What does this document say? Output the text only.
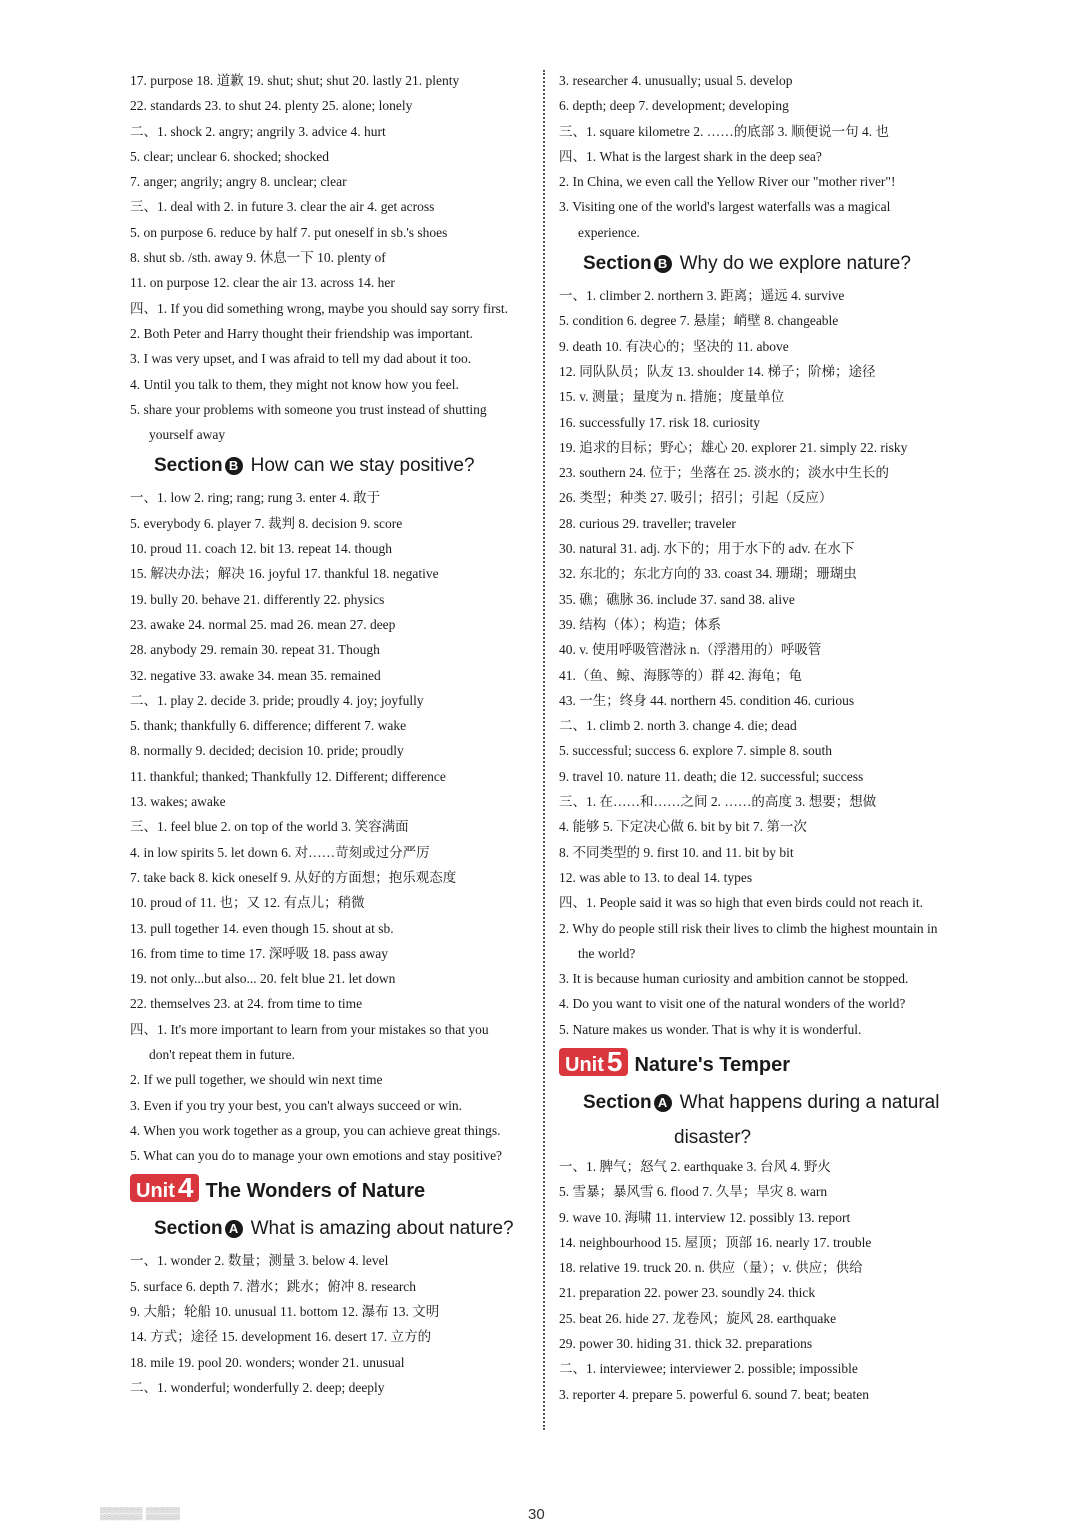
17. purpose 18. 道歉 19. shut; shut; shut 20. lastly 21. plenty
22. standards 23. to shut 24. plenty 25. alone; lonely
二、1. shock 2. angry; angrily 3. advice 4. hurt
5. clear; unclear 6. shocked; shocked
7. anger; angrily; angry 8. unclear; clear
三、1. deal with 2. in future 3. clear the air 4. get across
5. on purpose 6. reduce by half 7. put oneself in sb.'s shoes
8. shut sb. /sth. away 9. 休息一下 10. plenty of
11. on purpose 12. clear the air 13. across 14. her
四、1. If you did something wrong, maybe you should say sorry first.
2. Both Peter and Harry thought their friendship was important.
3. I was very upset, and I was afraid to tell my dad about it too.
4. Until you talk to them, they might not know how you feel.
5. share your problems with someone you trust instead of shutting
yourself away
Section B How can we stay positive?
一、1. low 2. ring; rang; rung 3. enter 4. 敢于
5. everybody 6. player 7. 裁判 8. decision 9. score
10. proud 11. coach 12. bit 13. repeat 14. though
15. 解决办法；解决 16. joyful 17. thankful 18. negative
19. bully 20. behave 21. differently 22. physics
23. awake 24. normal 25. mad 26. mean 27. deep
28. anybody 29. remain 30. repeat 31. Though
32. negative 33. awake 34. mean 35. remained
二、1. play 2. decide 3. pride; proudly 4. joy; joyfully
5. thank; thankfully 6. difference; different 7. wake
8. normally 9. decided; decision 10. pride; proudly
11. thankful; thanked; Thankfully 12. Different; difference
13. wakes; awake
三、1. feel blue 2. on top of the world 3. 笑容满面
4. in low spirits 5. let down 6. 对……苛刻或过分严厉
7. take back 8. kick oneself 9. 从好的方面想；抱乐观态度
10. proud of 11. 也；又 12. 有点儿；稍微
13. pull together 14. even though 15. shout at sb.
16. from time to time 17. 深呼吸 18. pass away
19. not only...but also... 20. felt blue 21. let down
22. themselves 23. at 24. from time to time
四、1. It's more important to learn from your mistakes so that you
don't repeat them in future.
2. If we pull together, we should win next time
3. Even if you try your best, you can't always succeed or win.
4. When you work together as a group, you can achieve great things.
5. What can you do to manage your own emotions and stay positive?
Unit 4 The Wonders of Nature
Section A What is amazing about nature?
一、1. wonder 2. 数量；测量 3. below 4. level
5. surface 6. depth 7. 潜水；跳水；俯冲 8. research
9. 大船；轮船 10. unusual 11. bottom 12. 瀑布 13. 文明
14. 方式；途径 15. development 16. desert 17. 立方的
18. mile 19. pool 20. wonders; wonder 21. unusual
二、1. wonderful; wonderfully 2. deep; deeply
3. researcher 4. unusually; usual 5. develop
6. depth; deep 7. development; developing
三、1. square kilometre 2. ……的底部 3. 顺便说一句 4. 也
四、1. What is the largest shark in the deep sea?
2. In China, we even call the Yellow River our "mother river"!
3. Visiting one of the world's largest waterfalls was a magical
experience.
Section B Why do we explore nature?
一、1. climber 2. northern 3. 距离；遥远 4. survive
5. condition 6. degree 7. 悬崖；峭壁 8. changeable
9. death 10. 有决心的；坚决的 11. above
12. 同队队员；队友 13. shoulder 14. 梯子；阶梯；途径
15. v. 测量；量度为 n. 措施；度量单位
16. successfully 17. risk 18. curiosity
19. 追求的目标；野心；雄心 20. explorer 21. simply 22. risky
23. southern 24. 位于；坐落在 25. 淡水的；淡水中生长的
26. 类型；种类 27. 吸引；招引；引起（反应）
28. curious 29. traveller; traveler
30. natural 31. adj. 水下的；用于水下的 adv. 在水下
32. 东北的；东北方向的 33. coast 34. 珊瑚；珊瑚虫
35. 礁；礁脉 36. include 37. sand 38. alive
39. 结构（体）；构造；体系
40. v. 使用呼吸管潜泳 n.（浮潜用的）呼吸管
41.（鱼、鲸、海豚等的）群 42. 海龟；龟
43. 一生；终身 44. northern 45. condition 46. curious
二、1. climb 2. north 3. change 4. die; dead
5. successful; success 6. explore 7. simple 8. south
9. travel 10. nature 11. death; die 12. successful; success
三、1. 在……和……之间 2. ……的高度 3. 想要；想做
4. 能够 5. 下定决心做 6. bit by bit 7. 第一次
8. 不同类型的 9. first 10. and 11. bit by bit
12. was able to 13. to deal 14. types
四、1. People said it was so high that even birds could not reach it.
2. Why do people still risk their lives to climb the highest mountain in
the world?
3. It is because human curiosity and ambition cannot be stopped.
4. Do you want to visit one of the natural wonders of the world?
5. Nature makes us wonder. That is why it is wonderful.
Unit 5 Nature's Temper
Section A What happens during a natural
disaster?
一、1. 脾气；怒气 2. earthquake 3. 台风 4. 野火
5. 雪暴；暴风雪 6. flood 7. 久旱；旱灾 8. warn
9. wave 10. 海啸 11. interview 12. possibly 13. report
14. neighbourhood 15. 屋顶；顶部 16. nearly 17. trouble
18. relative 19. truck 20. n. 供应（量）；v. 供应；供给
21. preparation 22. power 23. soundly 24. thick
25. beat 26. hide 27. 龙卷风；旋风 28. earthquake
29. power 30. hiding 31. thick 32. preparations
二、1. interviewee; interviewer 2. possible; impossible
3. reporter 4. prepare 5. powerful 6. sound 7. beat; beaten
▒▒▒▒▒ ▒▒▒▒	30
